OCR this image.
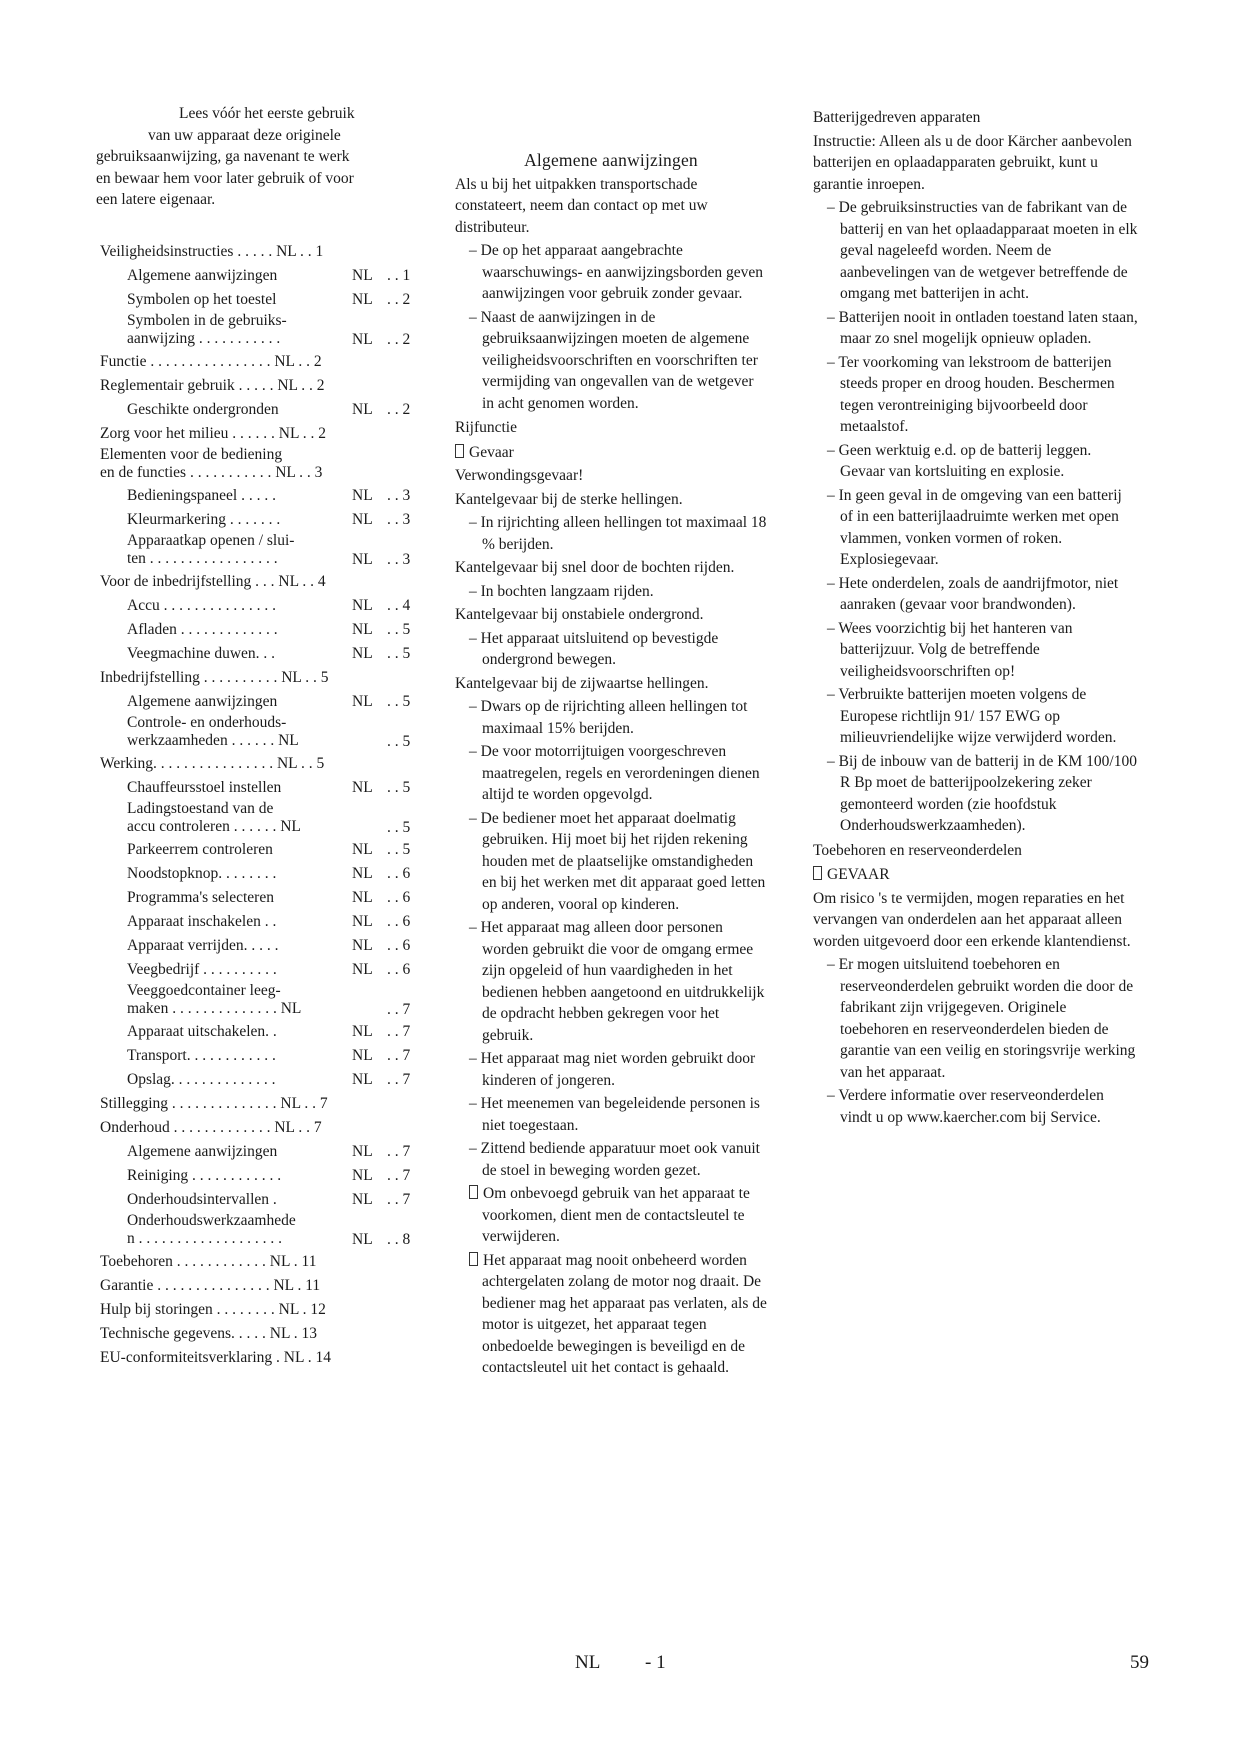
Lees vóór het eerste gebruik
van uw apparaat deze originele
gebruiksaanwijzing, ga navenant te werk
en bewaar hem voor later gebruik of voor
een latere eigenaar.
Veiligheidsinstructies . . . . . NL . . 1
Algemene aanwijzingen	NL . . 1
Symbolen op het toestel	NL . . 2
Symbolen in de gebruiks-
aanwijzing . . . . . . . . . . .	NL . . 2
Functie . . . . . . . . . . . . . . . . NL . . 2
Reglementair gebruik . . . . . NL . . 2
Geschikte ondergronden	NL . . 2
Zorg voor het milieu . . . . . . NL . . 2
Elementen voor de bediening
en de functies . . . . . . . . . . . NL . . 3
Bedieningspaneel . . . . .	NL . . 3
Kleurmarkering . . . . . . .	NL . . 3
Apparaatkap openen / slui-
ten . . . . . . . . . . . . . . . . .	NL . . 3
Voor de inbedrijfstelling . . . NL . . 4
Accu . . . . . . . . . . . . . . .	NL . . 4
Afladen . . . . . . . . . . . . .	NL . . 5
Veegmachine duwen. . .	NL . . 5
Inbedrijfstelling . . . . . . . . . . NL . . 5
Algemene aanwijzingen	NL . . 5
Controle- en onderhouds-
werkzaamheden . . . . . . NL	. . 5
Werking. . . . . . . . . . . . . . . . NL . . 5
Chauffeursstoel instellen	NL . . 5
Ladingstoestand van de
accu controleren . . . . . . NL	. . 5
Parkeerrem controleren	NL . . 5
Noodstopknop. . . . . . . .	NL . . 6
Programma's selecteren	NL . . 6
Apparaat inschakelen . .	NL . . 6
Apparaat verrijden. . . . .	NL . . 6
Veegbedrijf . . . . . . . . . .	NL . . 6
Veeggoedcontainer leeg-
maken . . . . . . . . . . . . . . NL	. . 7
Apparaat uitschakelen. .	NL . . 7
Transport. . . . . . . . . . . .	NL . . 7
Opslag. . . . . . . . . . . . . .	NL . . 7
Stillegging . . . . . . . . . . . . . . NL . . 7
Onderhoud . . . . . . . . . . . . . NL . . 7
Algemene aanwijzingen	NL . . 7
Reiniging . . . . . . . . . . . .	NL . . 7
Onderhoudsintervallen .	NL . . 7
Onderhoudswerkzaamhede
n . . . . . . . . . . . . . . . . . . .	NL . . 8
Toebehoren . . . . . . . . . . . . NL . 11
Garantie . . . . . . . . . . . . . . . NL . 11
Hulp bij storingen . . . . . . . . NL . 12
Technische gegevens. . . . . NL . 13
EU-conformiteitsverklaring . NL . 14
Algemene aanwijzingen

Als u bij het uitpakken transportschade constateert, neem dan contact op met uw distributeur.

– De op het apparaat aangebrachte waarschuwings- en aanwijzingsborden geven aanwijzingen voor gebruik zonder gevaar.
– Naast de aanwijzingen in de gebruiksaanwijzingen moeten de algemene veiligheidsvoorschriften en voorschriften ter vermijding van ongevallen van de wetgever in acht genomen worden.

Rijfunctie

Gevaar

Verwondingsgevaar!

Kantelgevaar bij de sterke hellingen.

– In rijrichting alleen hellingen tot maximaal 18 % berijden.

Kantelgevaar bij snel door de bochten rijden.

– In bochten langzaam rijden.

Kantelgevaar bij onstabiele ondergrond.

– Het apparaat uitsluitend op bevestigde ondergrond bewegen.

Kantelgevaar bij de zijwaartse hellingen.

– Dwars op de rijrichting alleen hellingen tot maximaal 15% berijden.
– De voor motorrijtuigen voorgeschreven maatregelen, regels en verordeningen dienen altijd te worden opgevolgd.
– De bediener moet het apparaat doelmatig gebruiken. Hij moet bij het rijden rekening houden met de plaatselijke omstandigheden en bij het werken met dit apparaat goed letten op anderen, vooral op kinderen.
– Het apparaat mag alleen door personen worden gebruikt die voor de omgang ermee zijn opgeleid of hun vaardigheden in het bedienen hebben aangetoond en uitdrukkelijk de opdracht hebben gekregen voor het gebruik.
– Het apparaat mag niet worden gebruikt door kinderen of jongeren.
– Het meenemen van begeleidende personen is niet toegestaan.
– Zittend bediende apparatuur moet ook vanuit de stoel in beweging worden gezet.
Om onbevoegd gebruik van het apparaat te voorkomen, dient men de contactsleutel te verwijderen.
Het apparaat mag nooit onbeheerd worden achtergelaten zolang de motor nog draait. De bediener mag het apparaat pas verlaten, als de motor is uitgezet, het apparaat tegen onbedoelde bewegingen is beveiligd en de contactsleutel uit het contact is gehaald.

Batterijgedreven apparaten

Instructie: Alleen als u de door Kärcher aanbevolen batterijen en oplaadapparaten gebruikt, kunt u garantie inroepen.

– De gebruiksinstructies van de fabrikant van de batterij en van het oplaadapparaat moeten in elk geval nageleefd worden. Neem de aanbevelingen van de wetgever betreffende de omgang met batterijen in acht.
– Batterijen nooit in ontladen toestand laten staan, maar zo snel mogelijk opnieuw opladen.
– Ter voorkoming van lekstroom de batterijen steeds proper en droog houden. Beschermen tegen verontreiniging bijvoorbeeld door metaalstof.
– Geen werktuig e.d. op de batterij leggen. Gevaar van kortsluiting en explosie.
– In geen geval in de omgeving van een batterij of in een batterijlaadruimte werken met open vlammen, vonken vormen of roken. Explosiegevaar.
– Hete onderdelen, zoals de aandrijfmotor, niet aanraken (gevaar voor brandwonden).
– Wees voorzichtig bij het hanteren van batterijzuur. Volg de betreffende veiligheidsvoorschriften op!
– Verbruikte batterijen moeten volgens de Europese richtlijn 91/ 157 EWG op milieuvriendelijke wijze verwijderd worden.
– Bij de inbouw van de batterij in de KM 100/100 R Bp moet de batterijpoolzekering zeker gemonteerd worden (zie hoofdstuk Onderhoudswerkzaamheden).

Toebehoren en reserveonderdelen

GEVAAR

Om risico 's te vermijden, mogen reparaties en het vervangen van onderdelen aan het apparaat alleen worden uitgevoerd door een erkende klantendienst.

– Er mogen uitsluitend toebehoren en reserveonderdelen gebruikt worden die door de fabrikant zijn vrijgegeven. Originele toebehoren en reserveonderdelen bieden de garantie van een veilig en storingsvrije werking van het apparaat.
– Verdere informatie over reserveonderdelen vindt u op www.kaercher.com bij Service.
NL - 1	59
